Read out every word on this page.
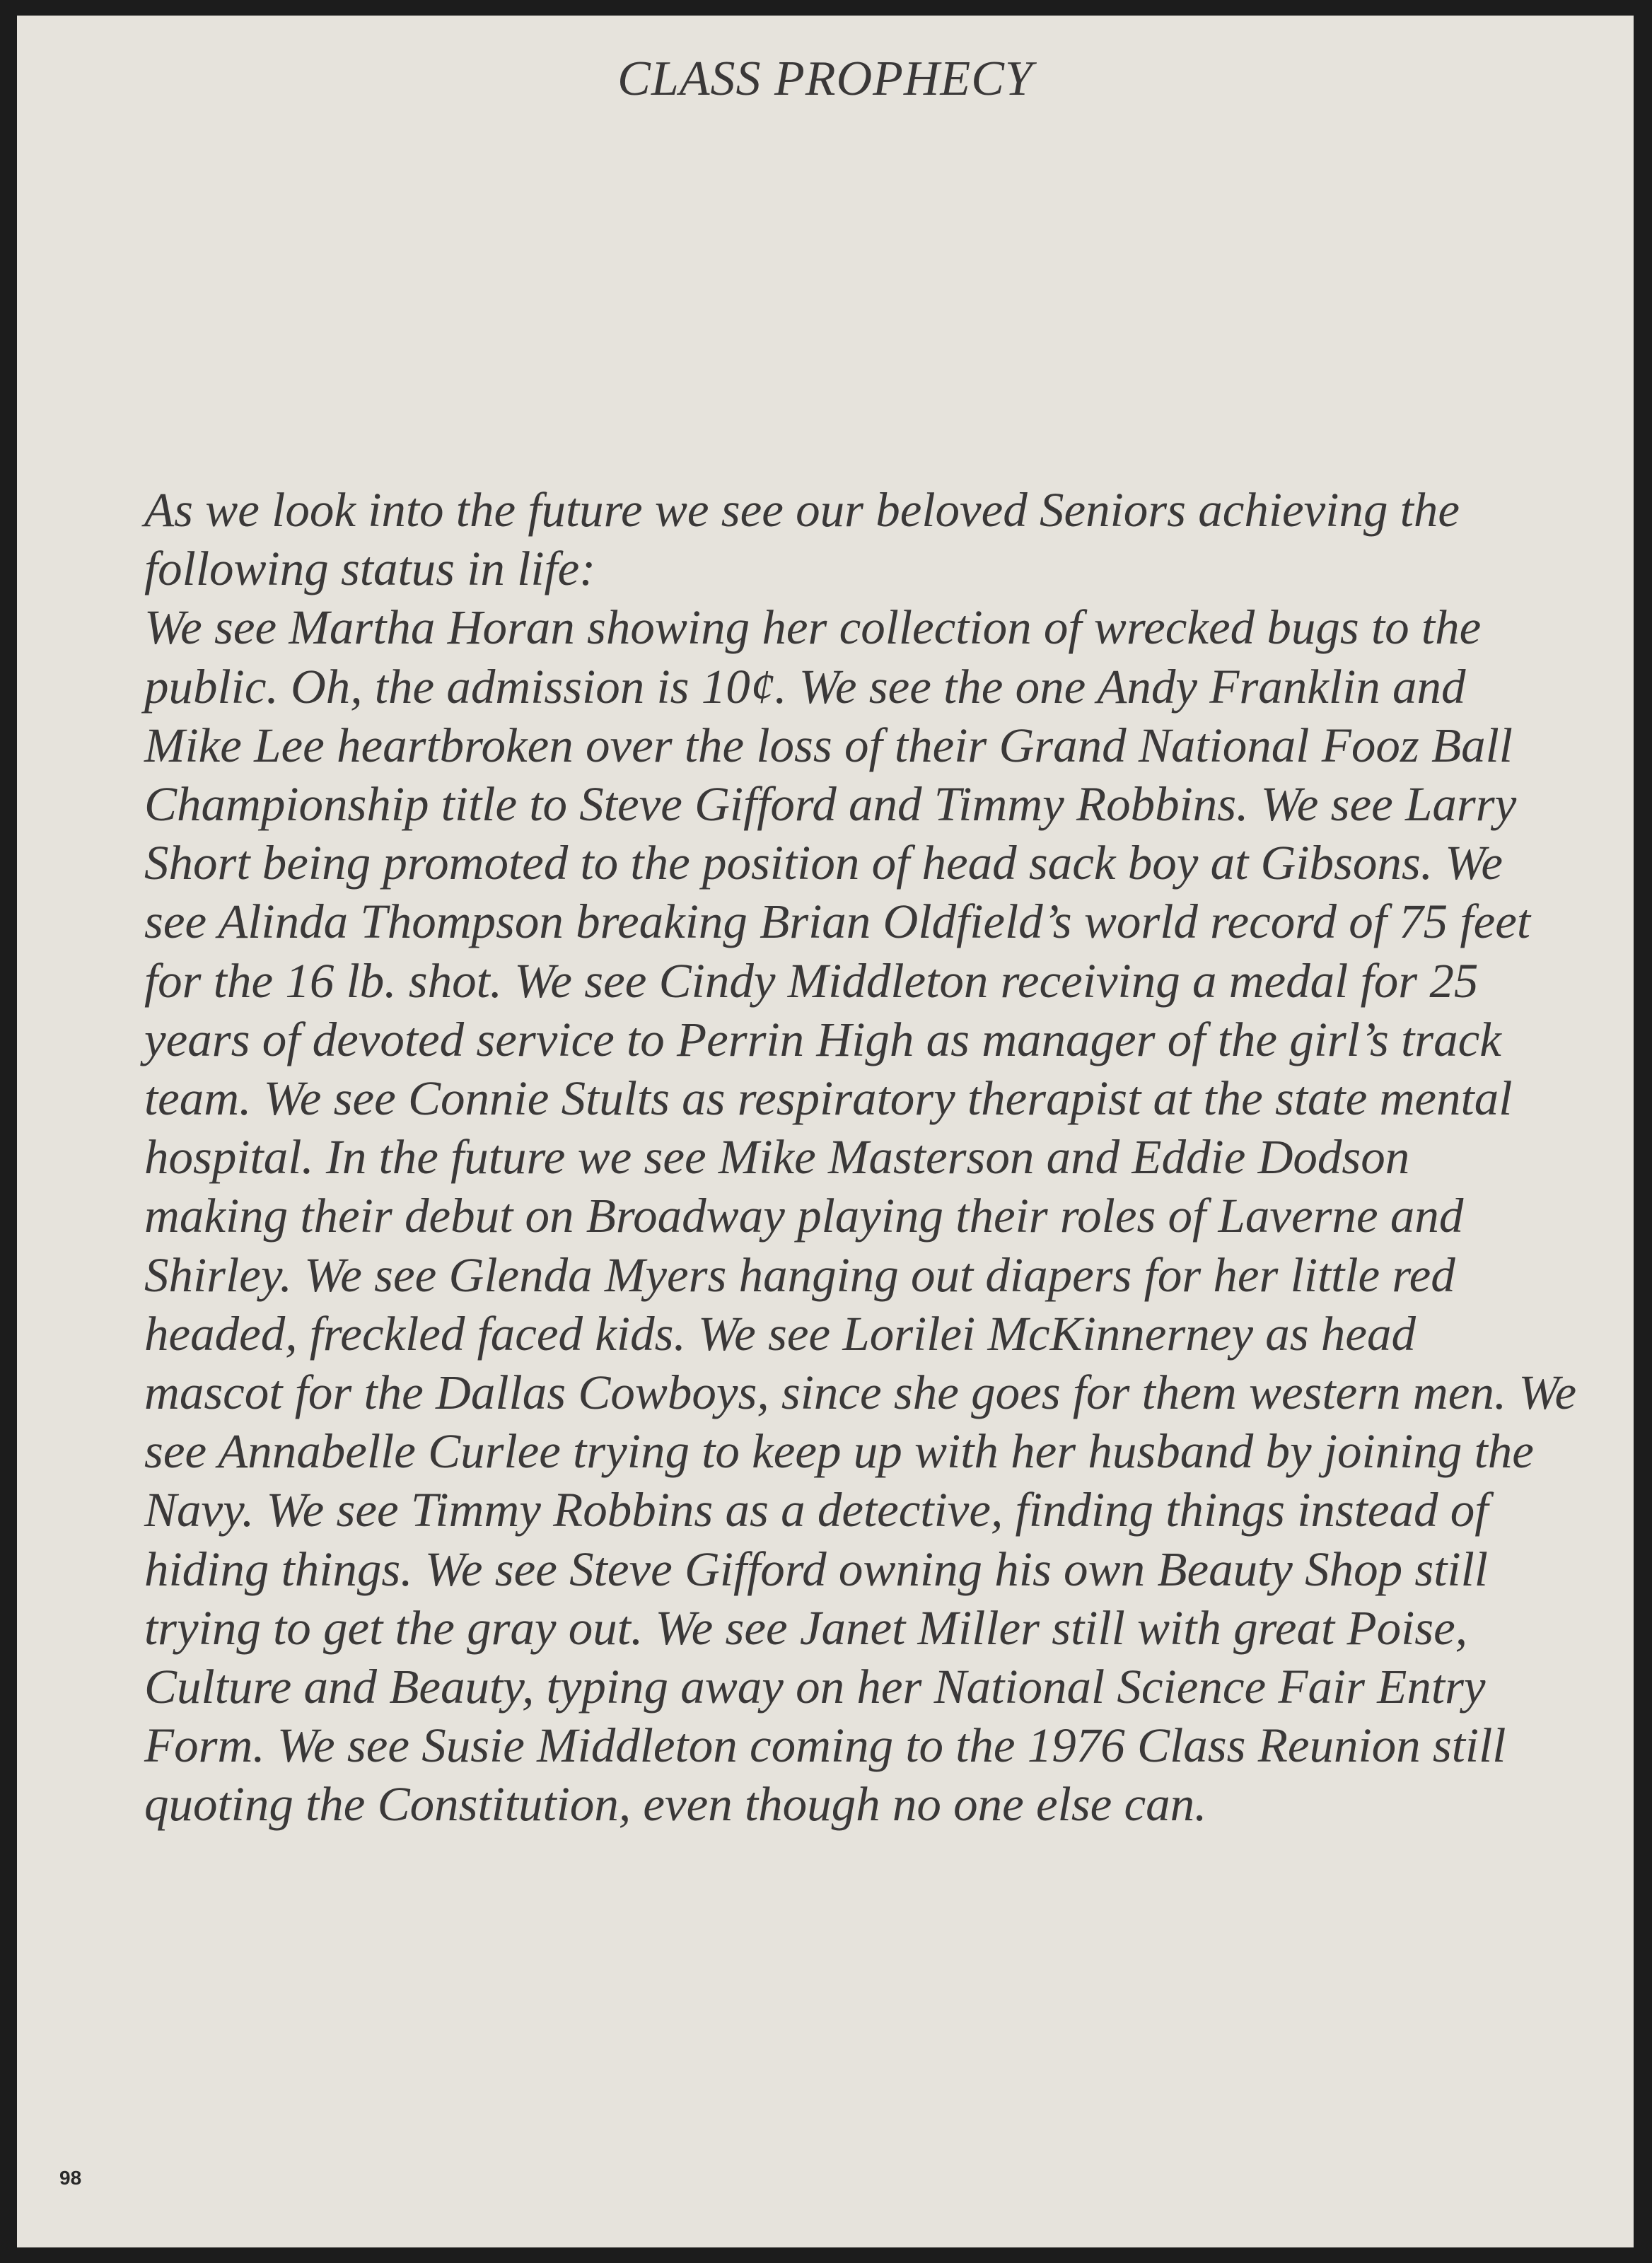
CLASS PROPHECY
As we look into the future we see our beloved Seniors achieving the
following status in life:
We see Martha Horan showing her collection of wrecked bugs to the
public. Oh, the admission is 10¢. We see the one Andy Franklin and
Mike Lee heartbroken over the loss of their Grand National Fooz Ball
Championship title to Steve Gifford and Timmy Robbins. We see Larry
Short being promoted to the position of head sack boy at Gibsons. We
see Alinda Thompson breaking Brian Oldfield’s world record of 75 feet
for the 16 lb. shot. We see Cindy Middleton receiving a medal for 25
years of devoted service to Perrin High as manager of the girl’s track
team. We see Connie Stults as respiratory therapist at the state mental
hospital. In the future we see Mike Masterson and Eddie Dodson
making their debut on Broadway playing their roles of Laverne and
Shirley. We see Glenda Myers hanging out diapers for her little red
headed, freckled faced kids. We see Lorilei McKinnerney as head
mascot for the Dallas Cowboys, since she goes for them western men. We
see Annabelle Curlee trying to keep up with her husband by joining the
Navy. We see Timmy Robbins as a detective, finding things instead of
hiding things. We see Steve Gifford owning his own Beauty Shop still
trying to get the gray out. We see Janet Miller still with great Poise,
Culture and Beauty, typing away on her National Science Fair Entry
Form. We see Susie Middleton coming to the 1976 Class Reunion still
quoting the Constitution, even though no one else can.
98
